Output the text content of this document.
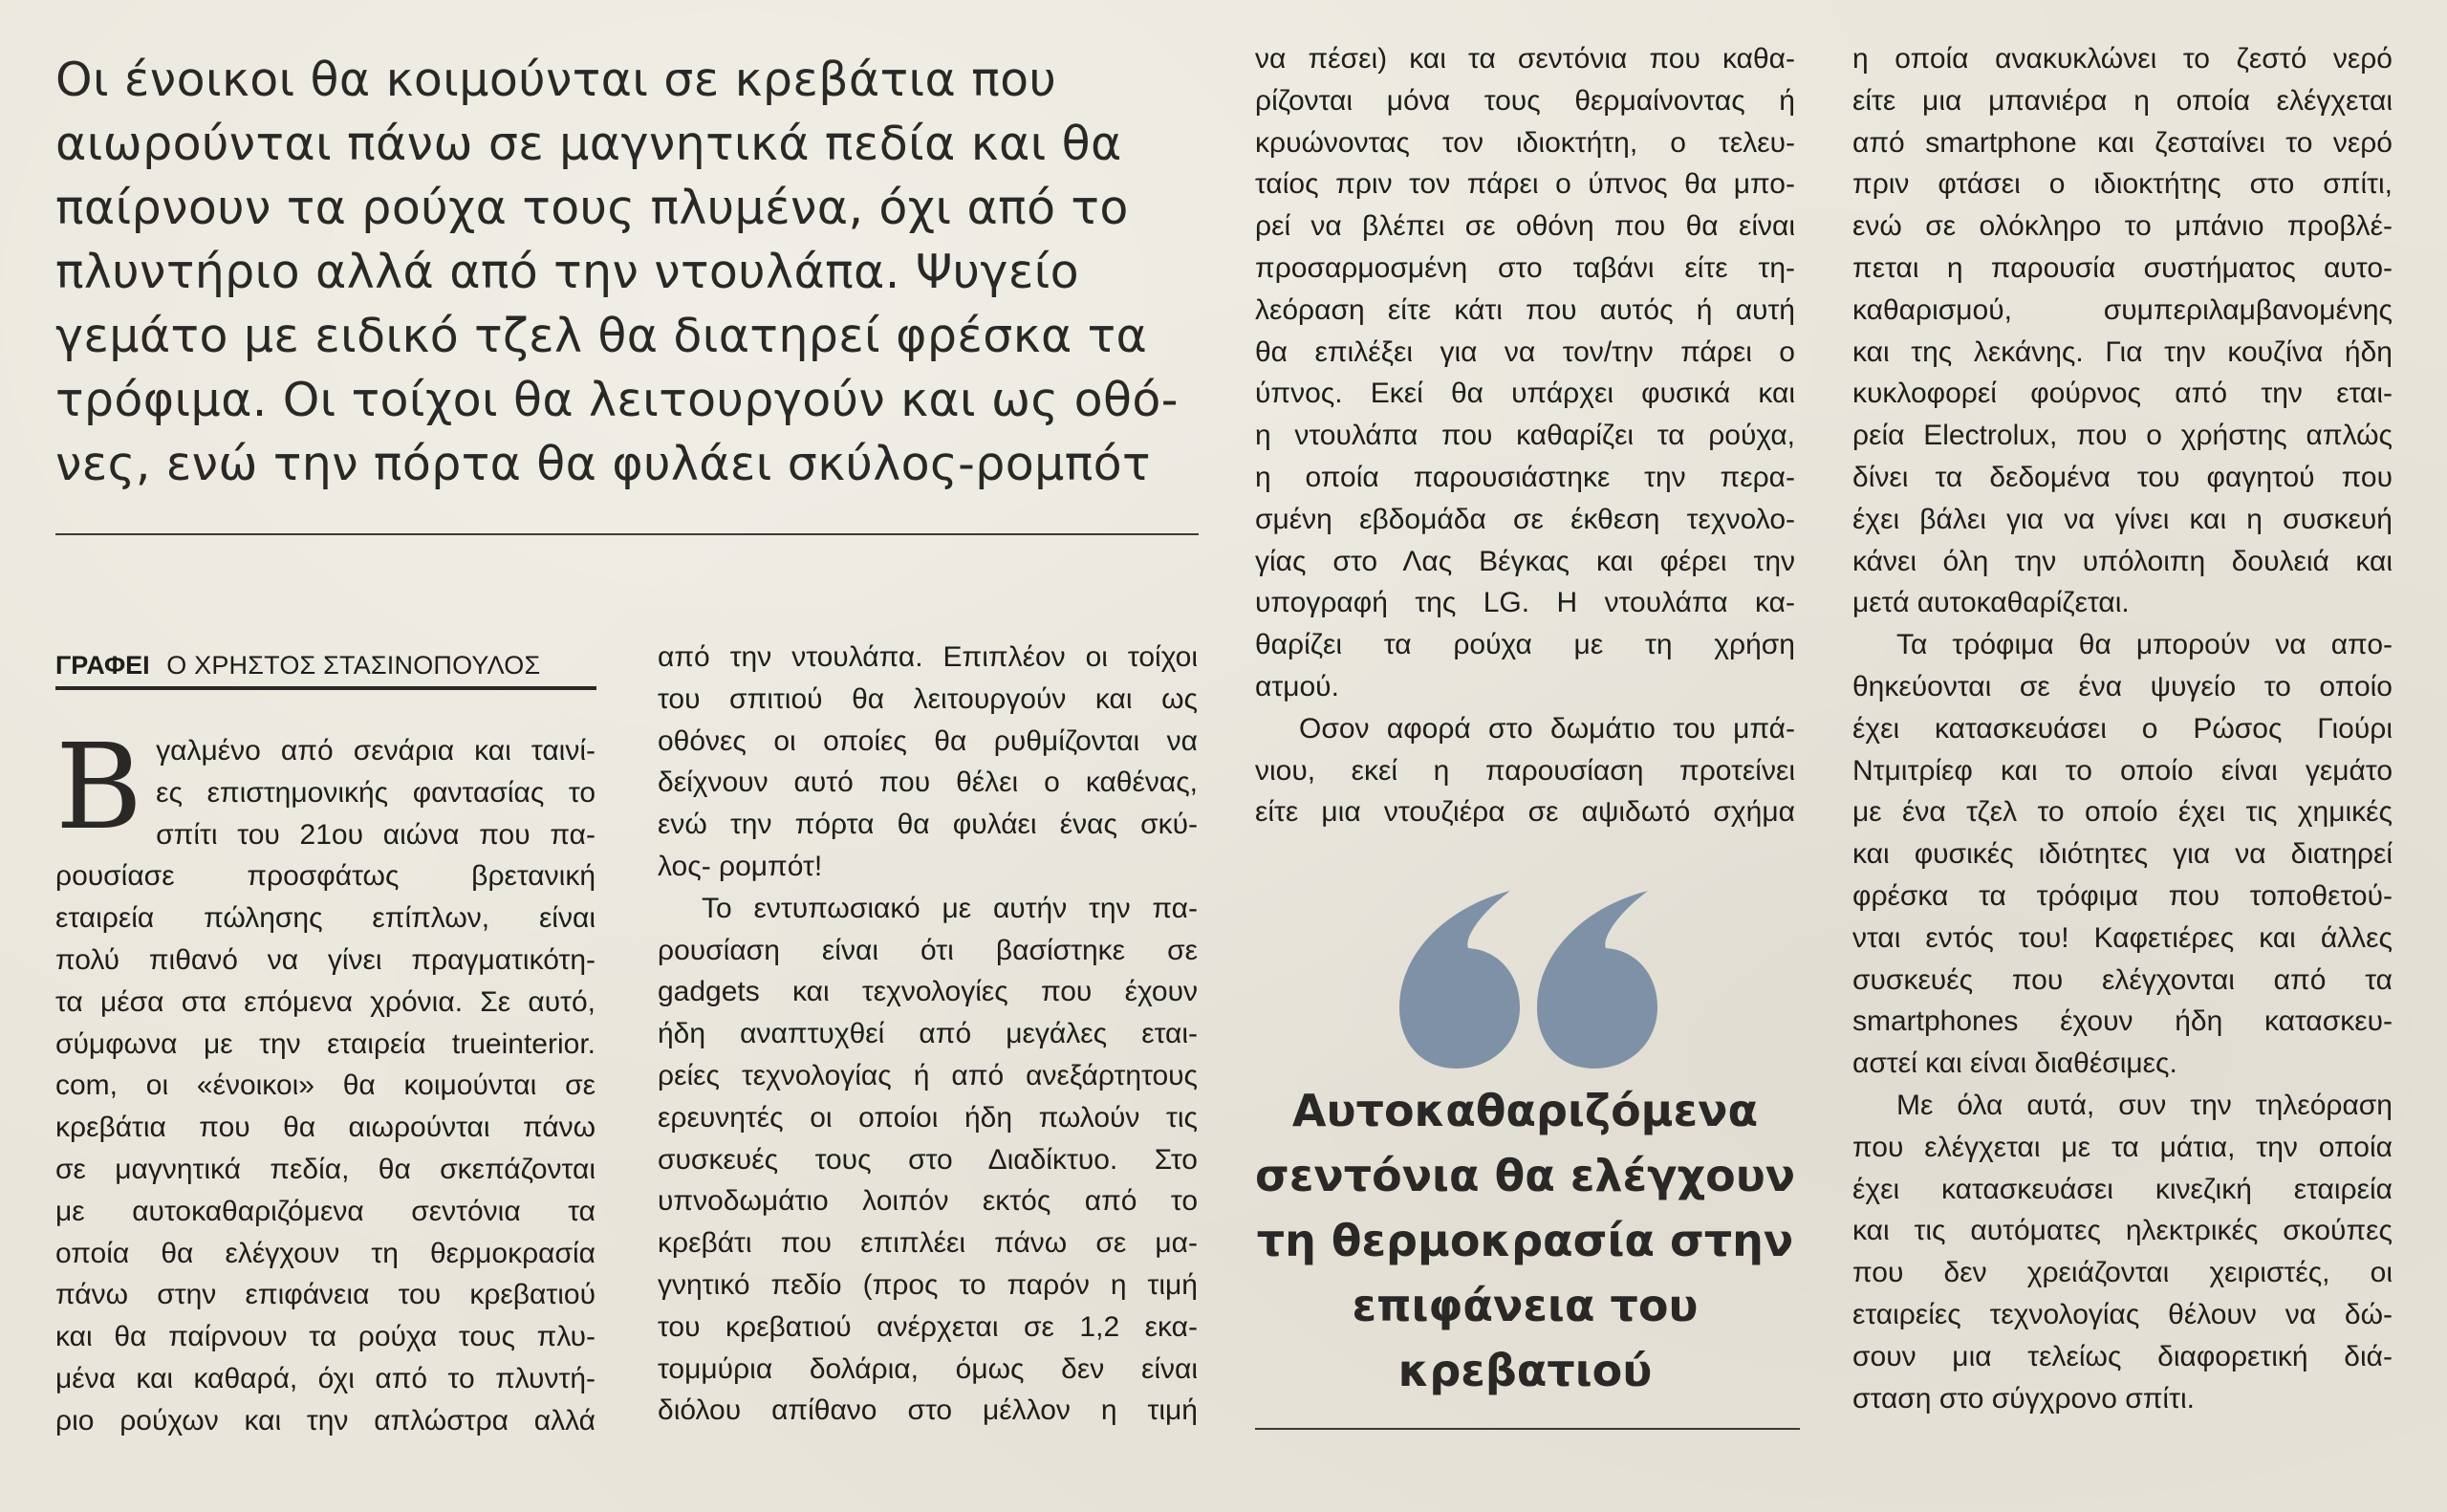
Οι ένοικοι θα κοιμούνται σε κρεβάτια που
αιωρούνται πάνω σε μαγνητικά πεδία και θα
παίρνουν τα ρούχα τους πλυμένα, όχι από το
πλυντήριο αλλά από την ντουλάπα. Ψυγείο
γεμάτο με ειδικό τζελ θα διατηρεί φρέσκα τα
τρόφιμα. Οι τοίχοι θα λειτουργούν και ως οθό-
νες, ενώ την πόρτα θα φυλάει σκύλος-ρομπότ
ΓΡΑΦΕΙ Ο ΧΡΗΣΤΟΣ ΣΤΑΣΙΝΟΠΟΥΛΟΣ
Β γαλμένο από σενάρια και ταινί-
ες επιστημονικής φαντασίας το
σπίτι του 21ου αιώνα που πα-
ρουσίασε προσφάτως βρετανική
εταιρεία πώλησης επίπλων, είναι
πολύ πιθανό να γίνει πραγματικότη-
τα μέσα στα επόμενα χρόνια. Σε αυτό,
σύμφωνα με την εταιρεία trueinterior.
com, οι «ένοικοι» θα κοιμούνται σε
κρεβάτια που θα αιωρούνται πάνω
σε μαγνητικά πεδία, θα σκεπάζονται
με αυτοκαθαριζόμενα σεντόνια τα
οποία θα ελέγχουν τη θερμοκρασία
πάνω στην επιφάνεια του κρεβατιού
και θα παίρνουν τα ρούχα τους πλυ-
μένα και καθαρά, όχι από το πλυντή-
ριο ρούχων και την απλώστρα αλλά
από την ντουλάπα. Επιπλέον οι τοίχοι
του σπιτιού θα λειτουργούν και ως
οθόνες οι οποίες θα ρυθμίζονται να
δείχνουν αυτό που θέλει ο καθένας,
ενώ την πόρτα θα φυλάει ένας σκύ-
λος- ρομπότ!
Το εντυπωσιακό με αυτήν την πα-
ρουσίαση είναι ότι βασίστηκε σε
gadgets και τεχνολογίες που έχουν
ήδη αναπτυχθεί από μεγάλες εται-
ρείες τεχνολογίας ή από ανεξάρτητους
ερευνητές οι οποίοι ήδη πωλούν τις
συσκευές τους στο Διαδίκτυο. Στο
υπνοδωμάτιο λοιπόν εκτός από το
κρεβάτι που επιπλέει πάνω σε μα-
γνητικό πεδίο (προς το παρόν η τιμή
του κρεβατιού ανέρχεται σε 1,2 εκα-
τομμύρια δολάρια, όμως δεν είναι
διόλου απίθανο στο μέλλον η τιμή
να πέσει) και τα σεντόνια που καθα-
ρίζονται μόνα τους θερμαίνοντας ή
κρυώνοντας τον ιδιοκτήτη, ο τελευ-
ταίος πριν τον πάρει ο ύπνος θα μπο-
ρεί να βλέπει σε οθόνη που θα είναι
προσαρμοσμένη στο ταβάνι είτε τη-
λεόραση είτε κάτι που αυτός ή αυτή
θα επιλέξει για να τον/την πάρει ο
ύπνος. Εκεί θα υπάρχει φυσικά και
η ντουλάπα που καθαρίζει τα ρούχα,
η οποία παρουσιάστηκε την περα-
σμένη εβδομάδα σε έκθεση τεχνολο-
γίας στο Λας Βέγκας και φέρει την
υπογραφή της LG. Η ντουλάπα κα-
θαρίζει τα ρούχα με τη χρήση
ατμού.
Οσον αφορά στο δωμάτιο του μπά-
νιου, εκεί η παρουσίαση προτείνει
είτε μια ντουζιέρα σε αψιδωτό σχήμα
Αυτοκαθαριζόμενα
σεντόνια θα ελέγχουν
τη θερμοκρασία στην
επιφάνεια του
κρεβατιού
η οποία ανακυκλώνει το ζεστό νερό
είτε μια μπανιέρα η οποία ελέγχεται
από smartphone και ζεσταίνει το νερό
πριν φτάσει ο ιδιοκτήτης στο σπίτι,
ενώ σε ολόκληρο το μπάνιο προβλέ-
πεται η παρουσία συστήματος αυτο-
καθαρισμού, συμπεριλαμβανομένης
και της λεκάνης. Για την κουζίνα ήδη
κυκλοφορεί φούρνος από την εται-
ρεία Electrolux, που ο χρήστης απλώς
δίνει τα δεδομένα του φαγητού που
έχει βάλει για να γίνει και η συσκευή
κάνει όλη την υπόλοιπη δουλειά και
μετά αυτοκαθαρίζεται.
Τα τρόφιμα θα μπορούν να απο-
θηκεύονται σε ένα ψυγείο το οποίο
έχει κατασκευάσει ο Ρώσος Γιούρι
Ντμιτρίεφ και το οποίο είναι γεμάτο
με ένα τζελ το οποίο έχει τις χημικές
και φυσικές ιδιότητες για να διατηρεί
φρέσκα τα τρόφιμα που τοποθετού-
νται εντός του! Καφετιέρες και άλλες
συσκευές που ελέγχονται από τα
smartphones έχουν ήδη κατασκευ-
αστεί και είναι διαθέσιμες.
Με όλα αυτά, συν την τηλεόραση
που ελέγχεται με τα μάτια, την οποία
έχει κατασκευάσει κινεζική εταιρεία
και τις αυτόματες ηλεκτρικές σκούπες
που δεν χρειάζονται χειριστές, οι
εταιρείες τεχνολογίας θέλουν να δώ-
σουν μια τελείως διαφορετική διά-
σταση στο σύγχρονο σπίτι.
